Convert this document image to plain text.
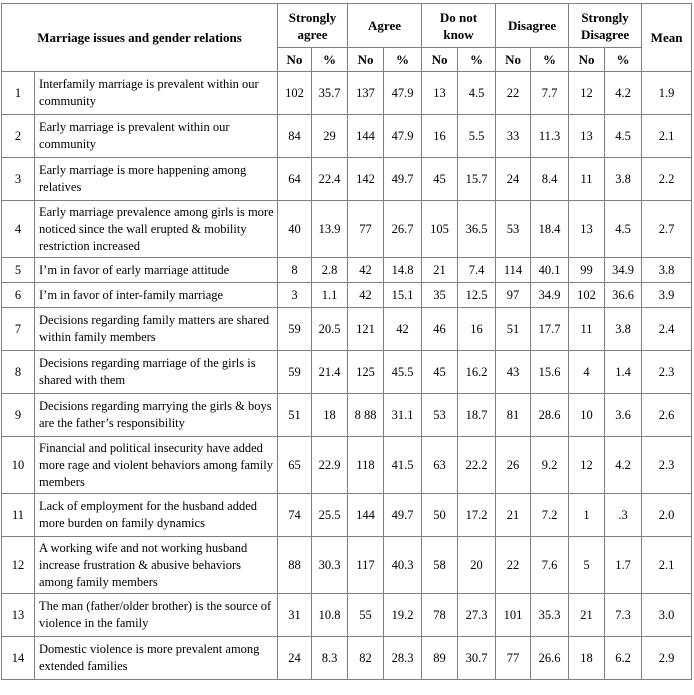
Marriage issues and gender relations		Strongly agree		Agree		Do not know		Disagree		Strongly Disagree		Mean
		No	%	No	%	No	%	No	%	No	%	
1	Interfamily marriage is prevalent within our community	102	35.7	137	47.9	13	4.5	22	7.7	12	4.2	1.9
2	Early marriage is prevalent within our community	84	29	144	47.9	16	5.5	33	11.3	13	4.5	2.1
3	Early marriage is more happening among relatives	64	22.4	142	49.7	45	15.7	24	8.4	11	3.8	2.2
4	Early marriage prevalence among girls is more noticed since the wall erupted & mobility restriction increased	40	13.9	77	26.7	105	36.5	53	18.4	13	4.5	2.7
5	I’m in favor of early marriage attitude	8	2.8	42	14.8	21	7.4	114	40.1	99	34.9	3.8
6	I’m in favor of inter-family marriage	3	1.1	42	15.1	35	12.5	97	34.9	102	36.6	3.9
7	Decisions regarding family matters are shared within family members	59	20.5	121	42	46	16	51	17.7	11	3.8	2.4
8	Decisions regarding marriage of the girls is shared with them	59	21.4	125	45.5	45	16.2	43	15.6	4	1.4	2.3
9	Decisions regarding marrying the girls & boys are the father’s responsibility	51	18	8 88	31.1	53	18.7	81	28.6	10	3.6	2.6
10	Financial and political insecurity have added more rage and violent behaviors among family members	65	22.9	118	41.5	63	22.2	26	9.2	12	4.2	2.3
11	Lack of employment for the husband added more burden on family dynamics	74	25.5	144	49.7	50	17.2	21	7.2	1	.3	2.0
12	A working wife and not working husband increase frustration & abusive behaviors among family members	88	30.3	117	40.3	58	20	22	7.6	5	1.7	2.1
13	The man (father/older brother) is the source of violence in the family	31	10.8	55	19.2	78	27.3	101	35.3	21	7.3	3.0
14	Domestic violence is more prevalent among extended families	24	8.3	82	28.3	89	30.7	77	26.6	18	6.2	2.9
